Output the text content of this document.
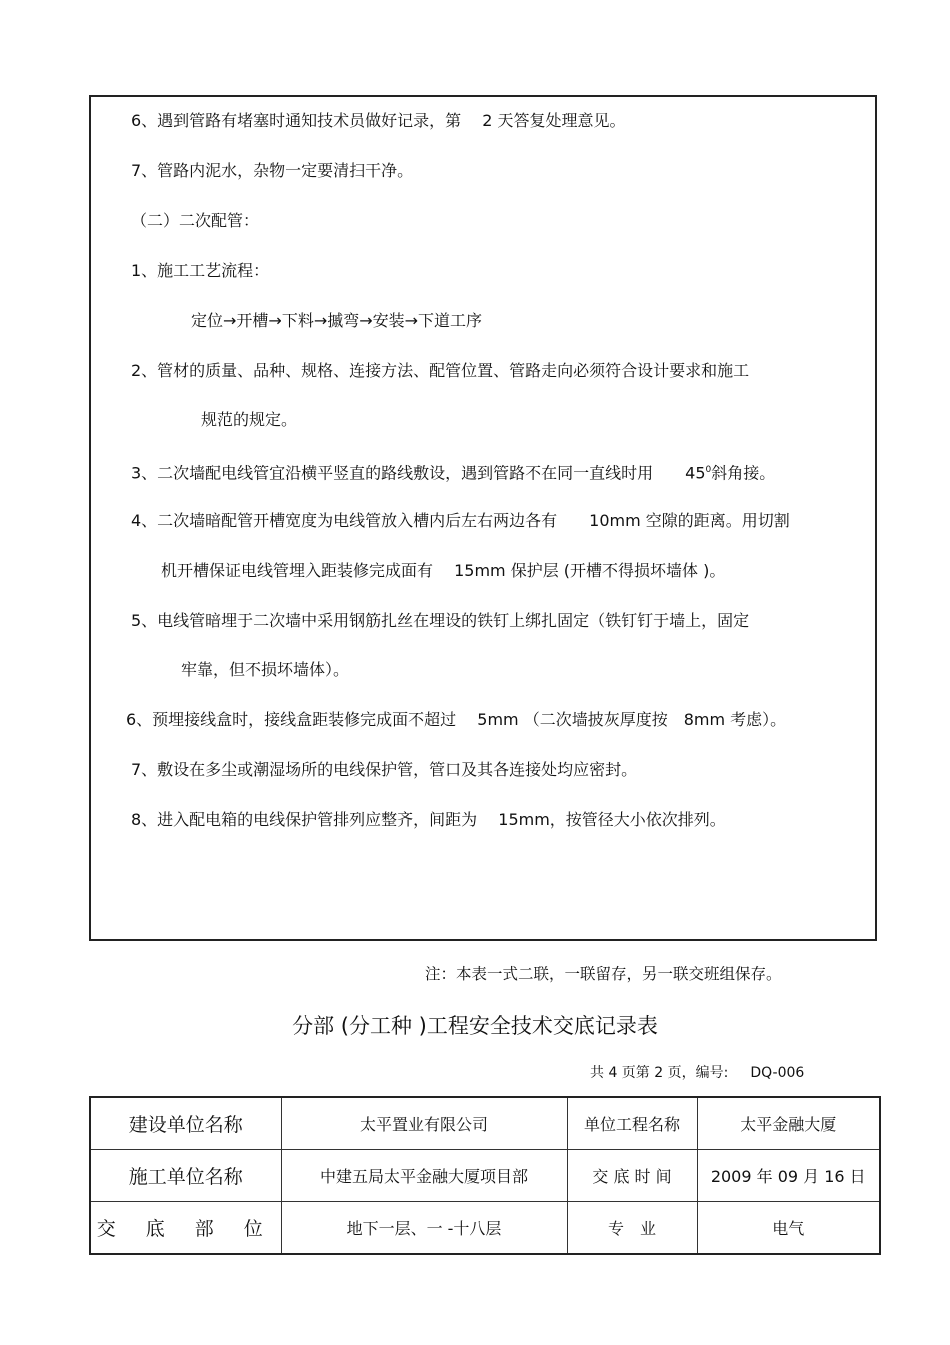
6、遇到管路有堵塞时通知技术员做好记录，第　 2 天答复处理意见。
7、管路内泥水，杂物一定要清扫干净。
（二）二次配管：
1、施工工艺流程：
定位→开槽→下料→摵弯→安装→下道工序
2、管材的质量、品种、规格、连接方法、配管位置、管路走向必须符合设计要求和施工
规范的规定。
3、二次墙配电线管宜沿横平竖直的路线敷设，遇到管路不在同一直线时用　　$45^0$斜角接。
4、二次墙暗配管开槽宽度为电线管放入槽内后左右两边各有　　10mm 空隙的距离。用切割
机开槽保证电线管埋入距装修完成面有　 15mm 保护层 (开槽不得损坏墙体 )。
5、电线管暗埋于二次墙中采用钢筋扎丝在埋设的铁钉上绑扎固定（铁钉钉于墙上，固定
牢靠，但不损坏墙体）。
6、预埋接线盒时，接线盒距装修完成面不超过　 5mm （二次墙披灰厚度按　8mm 考虑）。
7、敷设在多尘或潮湿场所的电线保护管，管口及其各连接处均应密封。
8、进入配电箱的电线保护管排列应整齐，间距为　 15mm，按管径大小依次排列。
注：本表一式二联，一联留存，另一联交班组保存。
分部 (分工种 )工程安全技术交底记录表
共 4 页第 2 页，编号: DQ-006
建设单位名称	太平置业有限公司	单位工程名称	太平金融大厦
施工单位名称	中建五局太平金融大厦项目部	交 底 时 间	2009 年 09 月 16 日
交 底 部 位	地下一层、一 -十八层	专　业	电气
